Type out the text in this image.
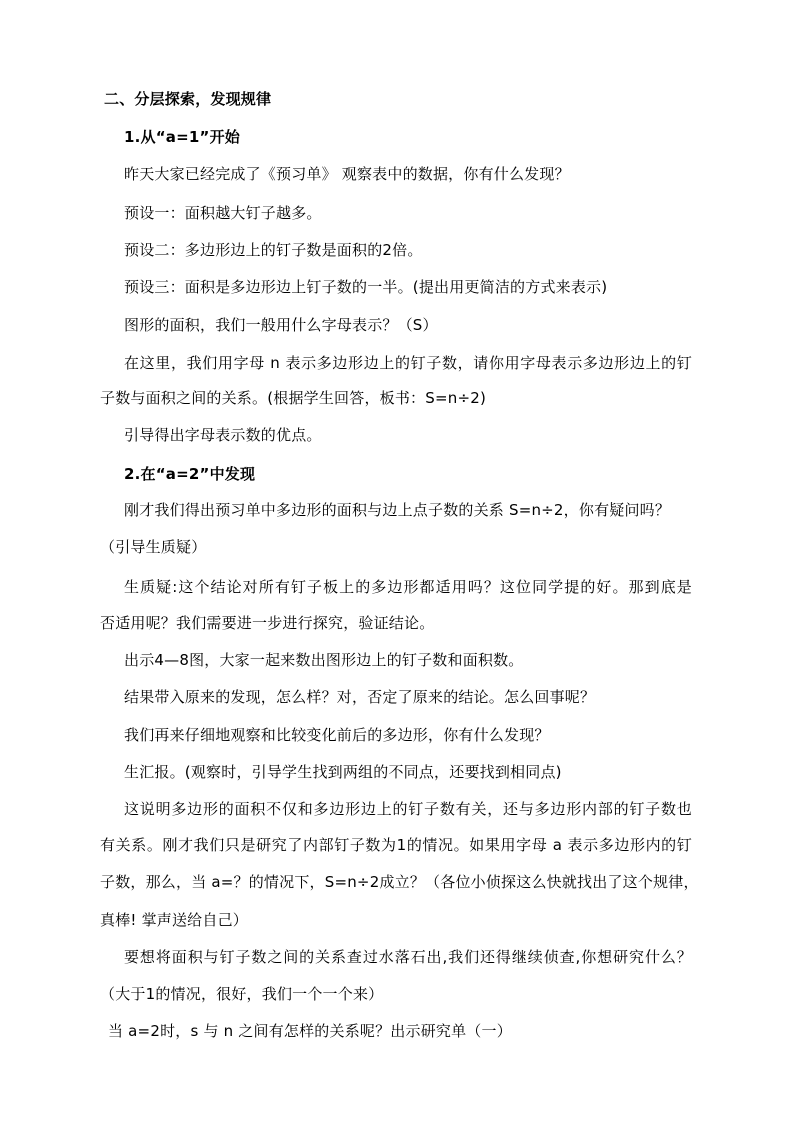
二、分层探索，发现规律
1.从“a=1”开始
昨天大家已经完成了《预习单》 观察表中的数据，你有什么发现？
预设一：面积越大钉子越多。
预设二：多边形边上的钉子数是面积的2倍。
预设三：面积是多边形边上钉子数的一半。(提出用更简洁的方式来表示)
图形的面积，我们一般用什么字母表示？（S）
在这里，我们用字母 n 表示多边形边上的钉子数，请你用字母表示多边形边上的钉
子数与面积之间的关系。(根据学生回答，板书：S=n÷2)
引导得出字母表示数的优点。
2.在“a=2”中发现
刚才我们得出预习单中多边形的面积与边上点子数的关系 S=n÷2，你有疑问吗？
（引导生质疑）
生质疑:这个结论对所有钉子板上的多边形都适用吗？这位同学提的好。那到底是
否适用呢？我们需要进一步进行探究，验证结论。
出示4—8图，大家一起来数出图形边上的钉子数和面积数。
结果带入原来的发现，怎么样？对，否定了原来的结论。怎么回事呢？
我们再来仔细地观察和比较变化前后的多边形，你有什么发现？
生汇报。(观察时，引导学生找到两组的不同点，还要找到相同点)
这说明多边形的面积不仅和多边形边上的钉子数有关，还与多边形内部的钉子数也
有关系。刚才我们只是研究了内部钉子数为1的情况。如果用字母 a 表示多边形内的钉
子数，那么，当 a=？的情况下，S=n÷2成立？（各位小侦探这么快就找出了这个规律，
真棒! 掌声送给自己）
要想将面积与钉子数之间的关系查过水落石出,我们还得继续侦查,你想研究什么？
（大于1的情况，很好，我们一个一个来）
当 a=2时，s 与 n 之间有怎样的关系呢？出示研究单（一）
